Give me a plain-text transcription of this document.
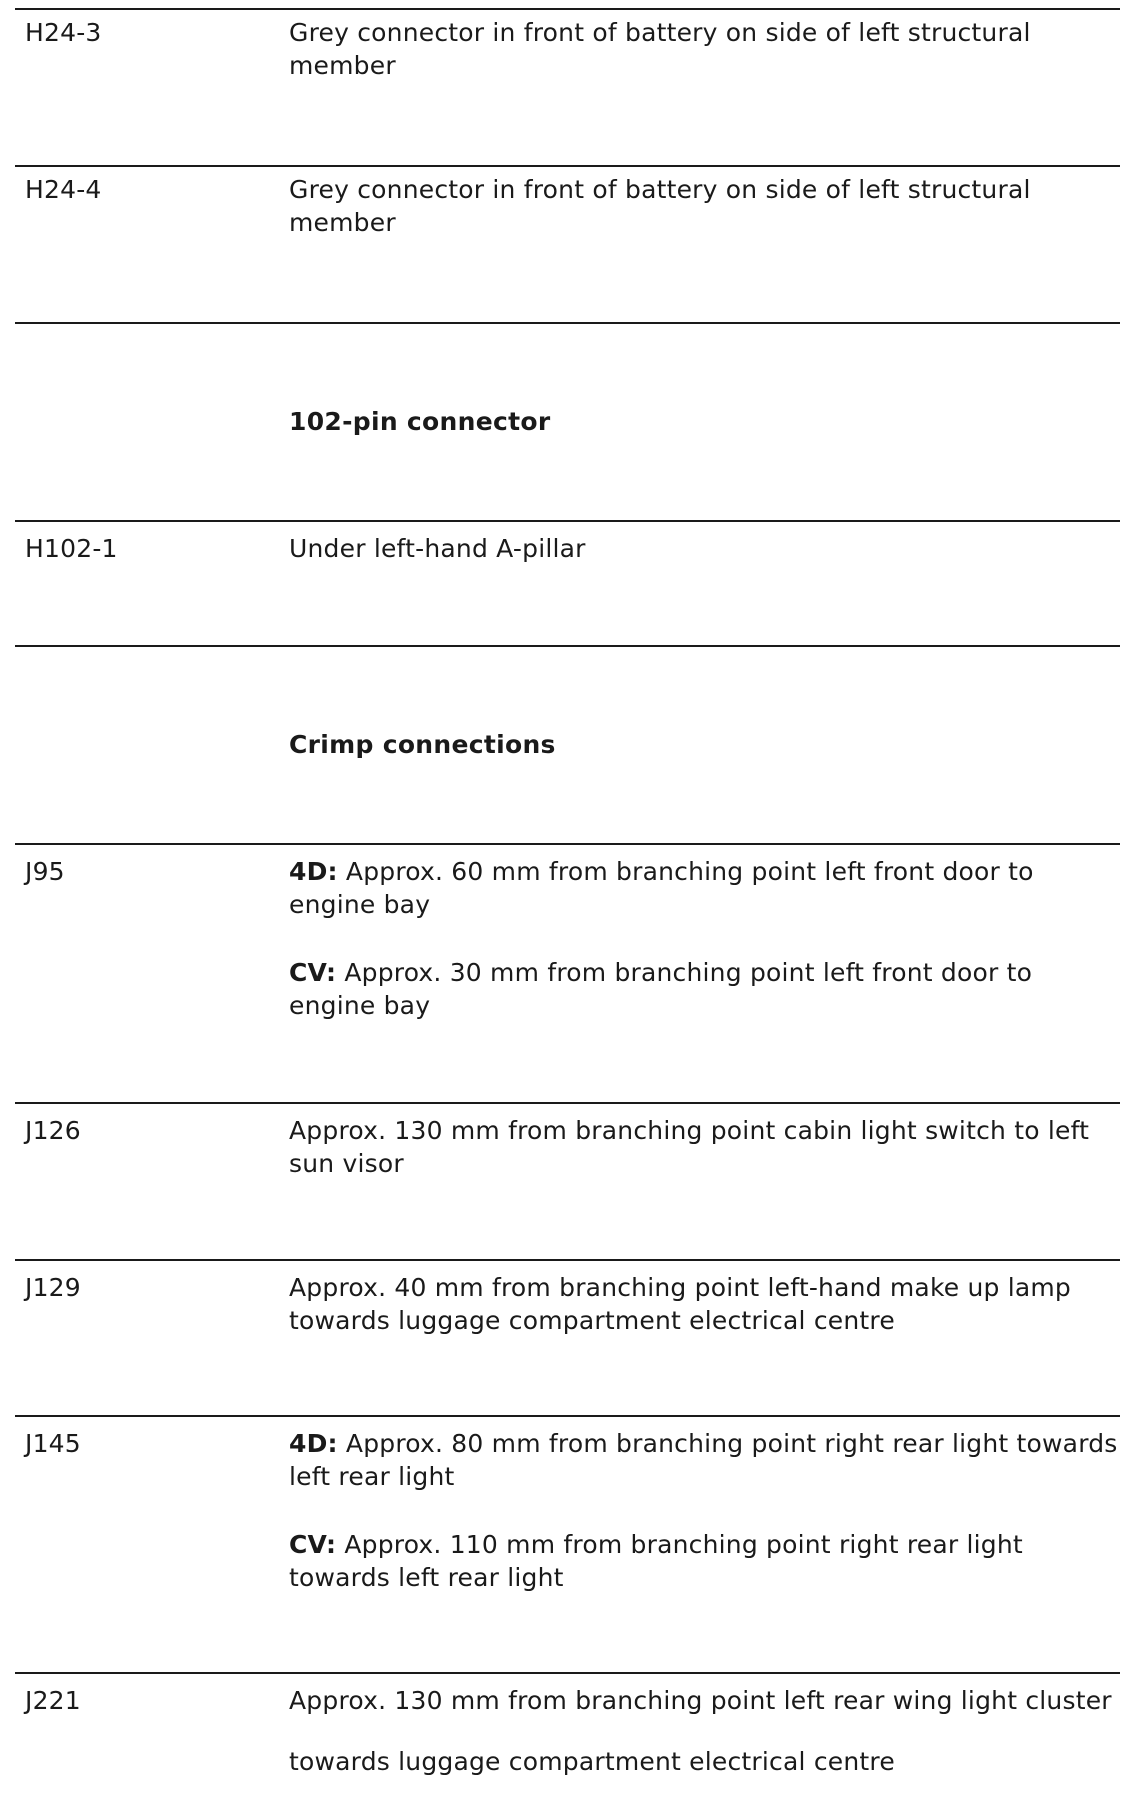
H24-3	Grey connector in front of battery on side of left structural member
H24-4	Grey connector in front of battery on side of left structural member
102-pin connector
H102-1	Under left-hand A-pillar
Crimp connections
J95	4D: Approx. 60 mm from branching point left front door to engine bay
CV: Approx. 30 mm from branching point left front door to engine bay
J126	Approx. 130 mm from branching point cabin light switch to left sun visor
J129	Approx. 40 mm from branching point left-hand make up lamp towards luggage compartment electrical centre
J145	4D: Approx. 80 mm from branching point right rear light towards left rear light
CV: Approx. 110 mm from branching point right rear light towards left rear light
J221	Approx. 130 mm from branching point left rear wing light cluster towards luggage compartment electrical centre
